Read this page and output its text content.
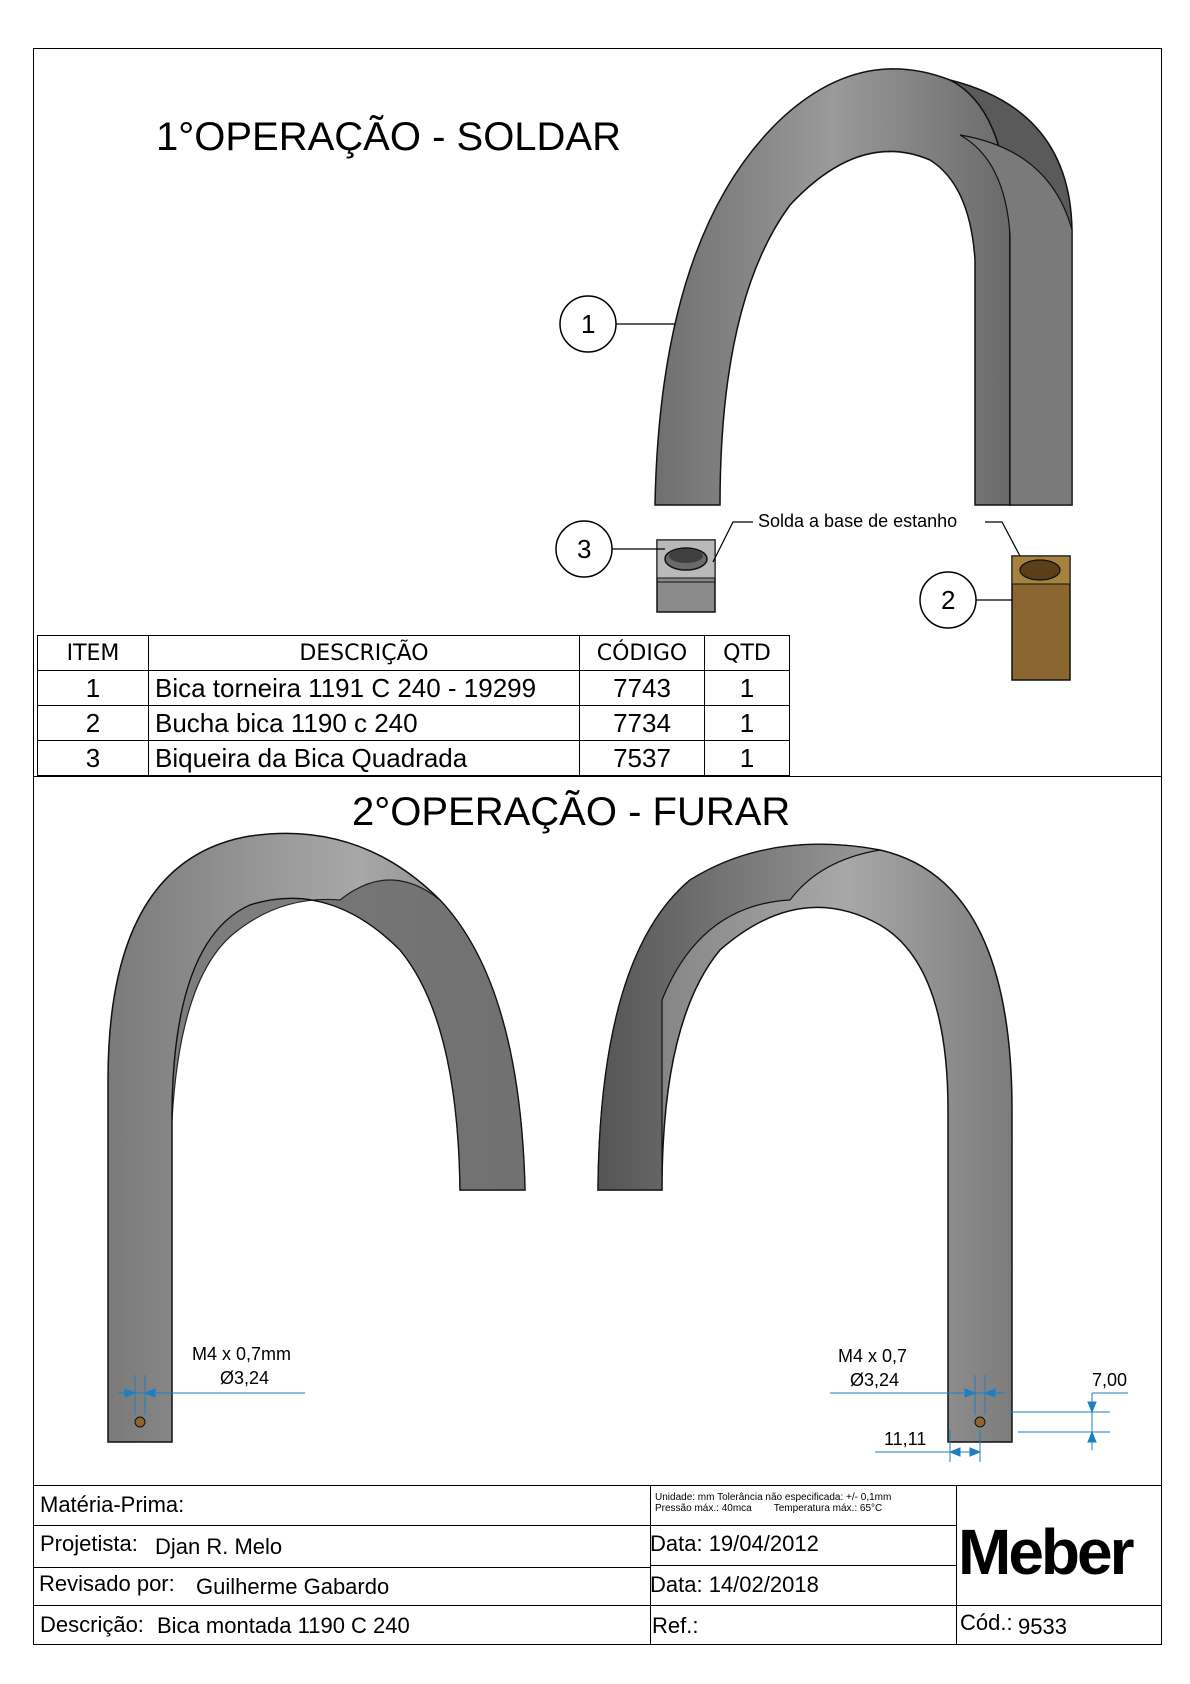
1°OPERAÇÃO - SOLDAR
2°OPERAÇÃO - FURAR
1
2
3
Solda a base de estanho
ITEM	DESCRIÇÃO	CÓDIGO	QTD
1	Bica torneira 1191 C 240 - 19299	7743	1
2	Bucha bica 1190 c 240	7734	1
3	Biqueira da Bica Quadrada	7537	1
M4 x 0,7mm
Ø3,24
M4 x 0,7
Ø3,24	7,00
11,11
Matéria-Prima:	Unidade: mm Tolerância não especificada: +/- 0,1mm
Pressão máx.: 40mca        Temperatura máx.: 65°C
Projetista: Djan R. Melo	Data: 19/04/2012
Revisado por: Guilherme Gabardo	Data: 14/02/2018
Descrição: Bica montada 1190 C 240	Ref.:	Cód.: 9533
Meber
